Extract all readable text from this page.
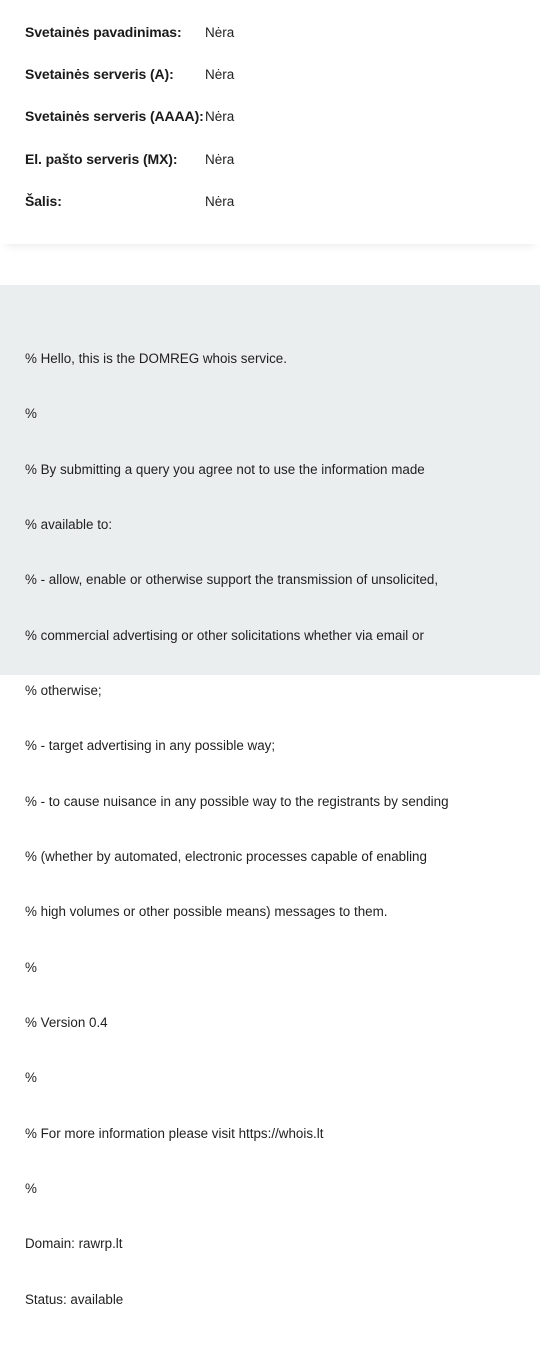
Svetainės pavadinimas:	Nėra
Svetainės serveris (A):	Nėra
Svetainės serveris (AAAA): Nėra
El. pašto serveris (MX):	Nėra
Šalis:	Nėra

% Hello, this is the DOMREG whois service.

%

% By submitting a query you agree not to use the information made

% available to:

% - allow, enable or otherwise support the transmission of unsolicited,

% commercial advertising or other solicitations whether via email or

% otherwise;

% - target advertising in any possible way;

% - to cause nuisance in any possible way to the registrants by sending

% (whether by automated, electronic processes capable of enabling

% high volumes or other possible means) messages to them.

%

% Version 0.4

%

% For more information please visit https://whois.lt

%

Domain: rawrp.lt

Status: available
